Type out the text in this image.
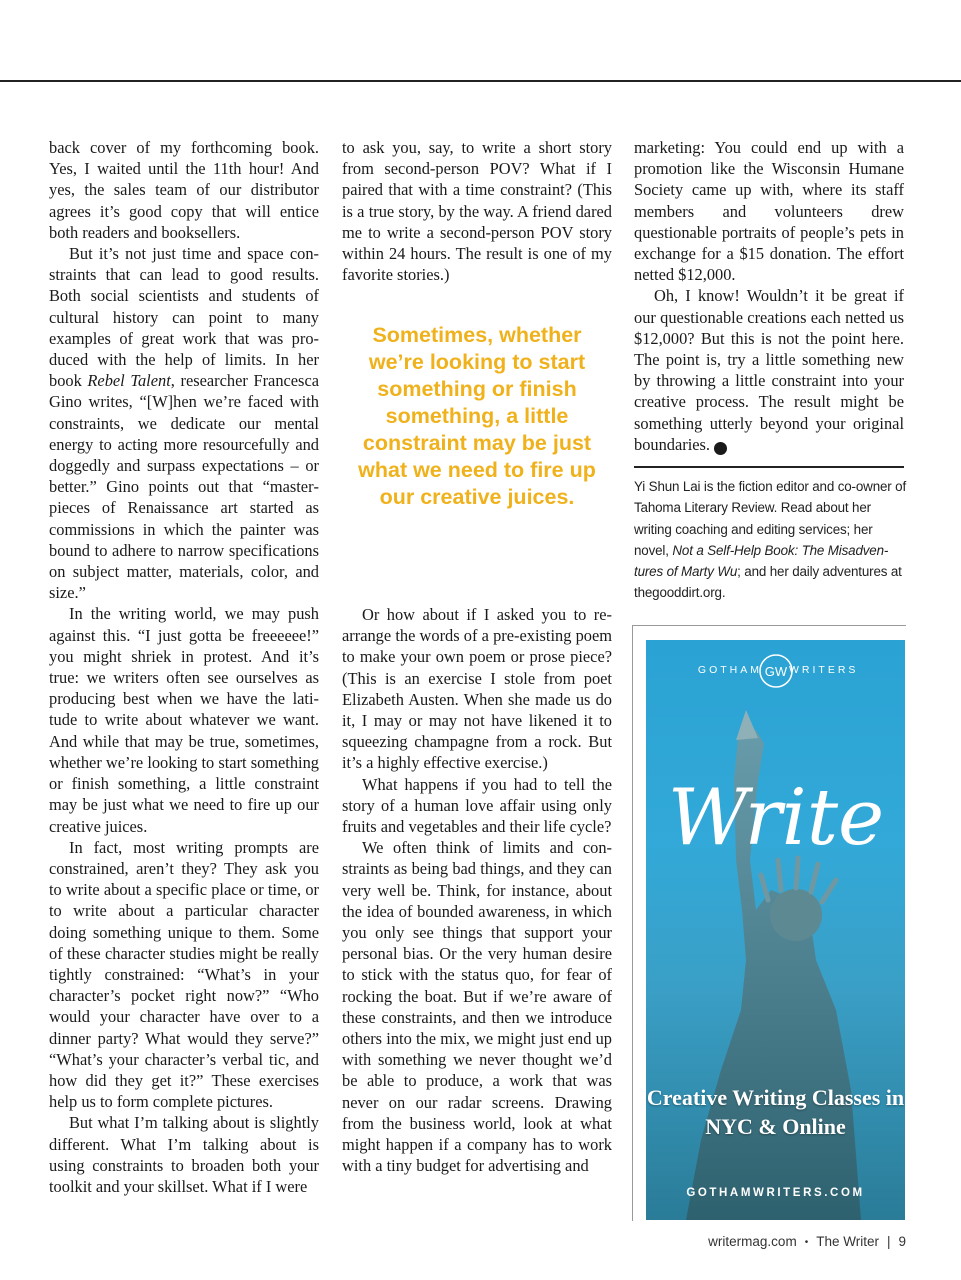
back cover of my forthcoming book. Yes, I waited until the 11th hour! And yes, the sales team of our distributor agrees it’s good copy that will entice both readers and booksellers.

But it’s not just time and space constraints that can lead to good results. Both social scientists and students of cultural history can point to many examples of great work that was produced with the help of limits. In her book Rebel Talent, researcher Francesca Gino writes, “[W]hen we’re faced with constraints, we dedicate our mental energy to acting more resourcefully and doggedly and surpass expectations – or better.” Gino points out that “masterpieces of Renaissance art started as commissions in which the painter was bound to adhere to narrow specifications on subject matter, materials, color, and size.”

In the writing world, we may push against this. “I just gotta be freeeeee!” you might shriek in protest. And it’s true: we writers often see ourselves as producing best when we have the latitude to write about whatever we want. And while that may be true, sometimes, whether we’re looking to start something or finish something, a little constraint may be just what we need to fire up our creative juices.

In fact, most writing prompts are constrained, aren’t they? They ask you to write about a specific place or time, or to write about a particular character doing something unique to them. Some of these character studies might be really tightly constrained: “What’s in your character’s pocket right now?” “Who would your character have over to a dinner party? What would they serve?” “What’s your character’s verbal tic, and how did they get it?” These exercises help us to form complete pictures.

But what I’m talking about is slightly different. What I’m talking about is using constraints to broaden both your toolkit and your skillset. What if I were

to ask you, say, to write a short story from second-person POV? What if I paired that with a time constraint? (This is a true story, by the way. A friend dared me to write a second-person POV story within 24 hours. The result is one of my favorite stories.)

Sometimes, whether we’re looking to start something or finish something, a little constraint may be just what we need to fire up our creative juices.

Or how about if I asked you to rearrange the words of a pre-existing poem to make your own poem or prose piece? (This is an exercise I stole from poet Elizabeth Austen. When she made us do it, I may or may not have likened it to squeezing champagne from a rock. But it’s a highly effective exercise.)

What happens if you had to tell the story of a human love affair using only fruits and vegetables and their life cycle?

We often think of limits and constraints as being bad things, and they can very well be. Think, for instance, about the idea of bounded awareness, in which you only see things that support your personal bias. Or the very human desire to stick with the status quo, for fear of rocking the boat. But if we’re aware of these constraints, and then we introduce others into the mix, we might just end up with something we never thought we’d be able to produce, a work that was never on our radar screens. Drawing from the business world, look at what might happen if a company has to work with a tiny budget for advertising and

marketing: You could end up with a promotion like the Wisconsin Humane Society came up with, where its staff members and volunteers drew questionable portraits of people’s pets in exchange for a $15 donation. The effort netted $12,000.

Oh, I know! Wouldn’t it be great if our questionable creations each netted us $12,000? But this is not the point here. The point is, try a little something new by throwing a little constraint into your creative process. The result might be something utterly beyond your original boundaries.	W

Yi Shun Lai is the fiction editor and co-owner of Tahoma Literary Review. Read about her writing coaching and editing services; her novel, Not a Self-Help Book: The Misadventures of Marty Wu; and her daily adventures at thegooddirt.org.
GOTHAM	WRITERS
GW
Write
Creative Writing Classes in NYC & Online
GOTHAMWRITERS.COM
writermag.com • The Writer | 9
